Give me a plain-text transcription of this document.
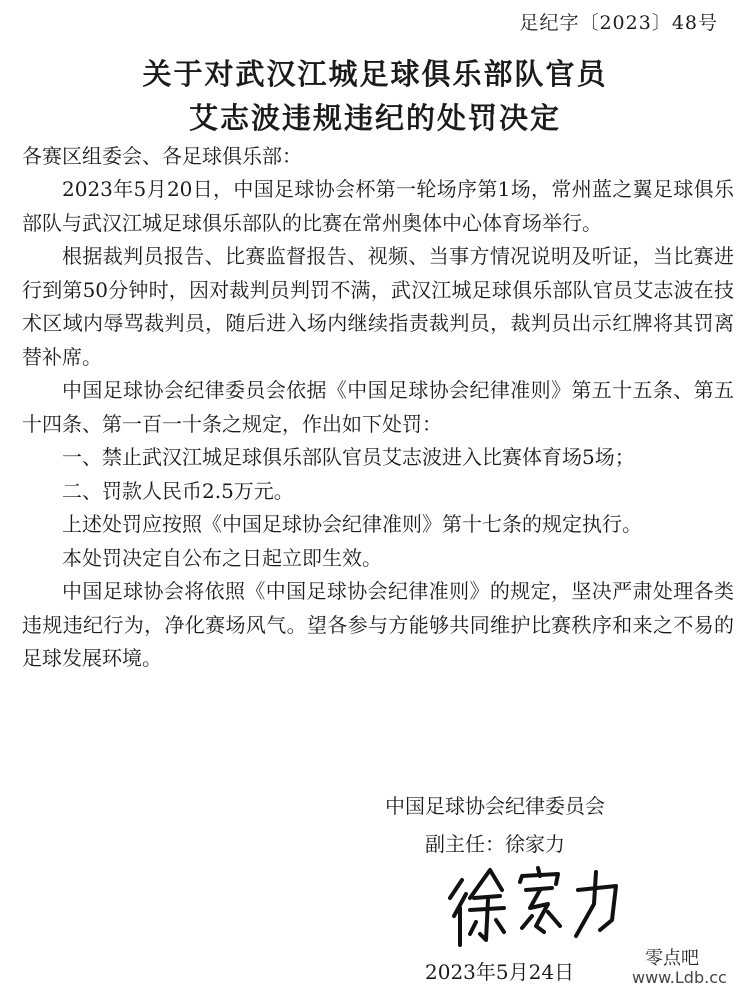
足纪字〔2023〕48号
关于对武汉江城足球俱乐部队官员
艾志波违规违纪的处罚决定
各赛区组委会、各足球俱乐部：

2023年5月20日，中国足球协会杯第一轮场序第1场，常州蓝之翼足球俱乐部队与武汉江城足球俱乐部队的比赛在常州奥体中心体育场举行。

根据裁判员报告、比赛监督报告、视频、当事方情况说明及听证，当比赛进行到第50分钟时，因对裁判员判罚不满，武汉江城足球俱乐部队官员艾志波在技术区域内辱骂裁判员，随后进入场内继续指责裁判员，裁判员出示红牌将其罚离替补席。

中国足球协会纪律委员会依据《中国足球协会纪律准则》第五十五条、第五十四条、第一百一十条之规定，作出如下处罚：

一、禁止武汉江城足球俱乐部队官员艾志波进入比赛体育场5场；

二、罚款人民币2.5万元。

上述处罚应按照《中国足球协会纪律准则》第十七条的规定执行。

本处罚决定自公布之日起立即生效。

中国足球协会将依照《中国足球协会纪律准则》的规定，坚决严肃处理各类违规违纪行为，净化赛场风气。望各参与方能够共同维护比赛秩序和来之不易的足球发展环境。

中国足球协会纪律委员会
副主任：徐家力
2023年5月24日
零点吧
www.Ldb.cc
